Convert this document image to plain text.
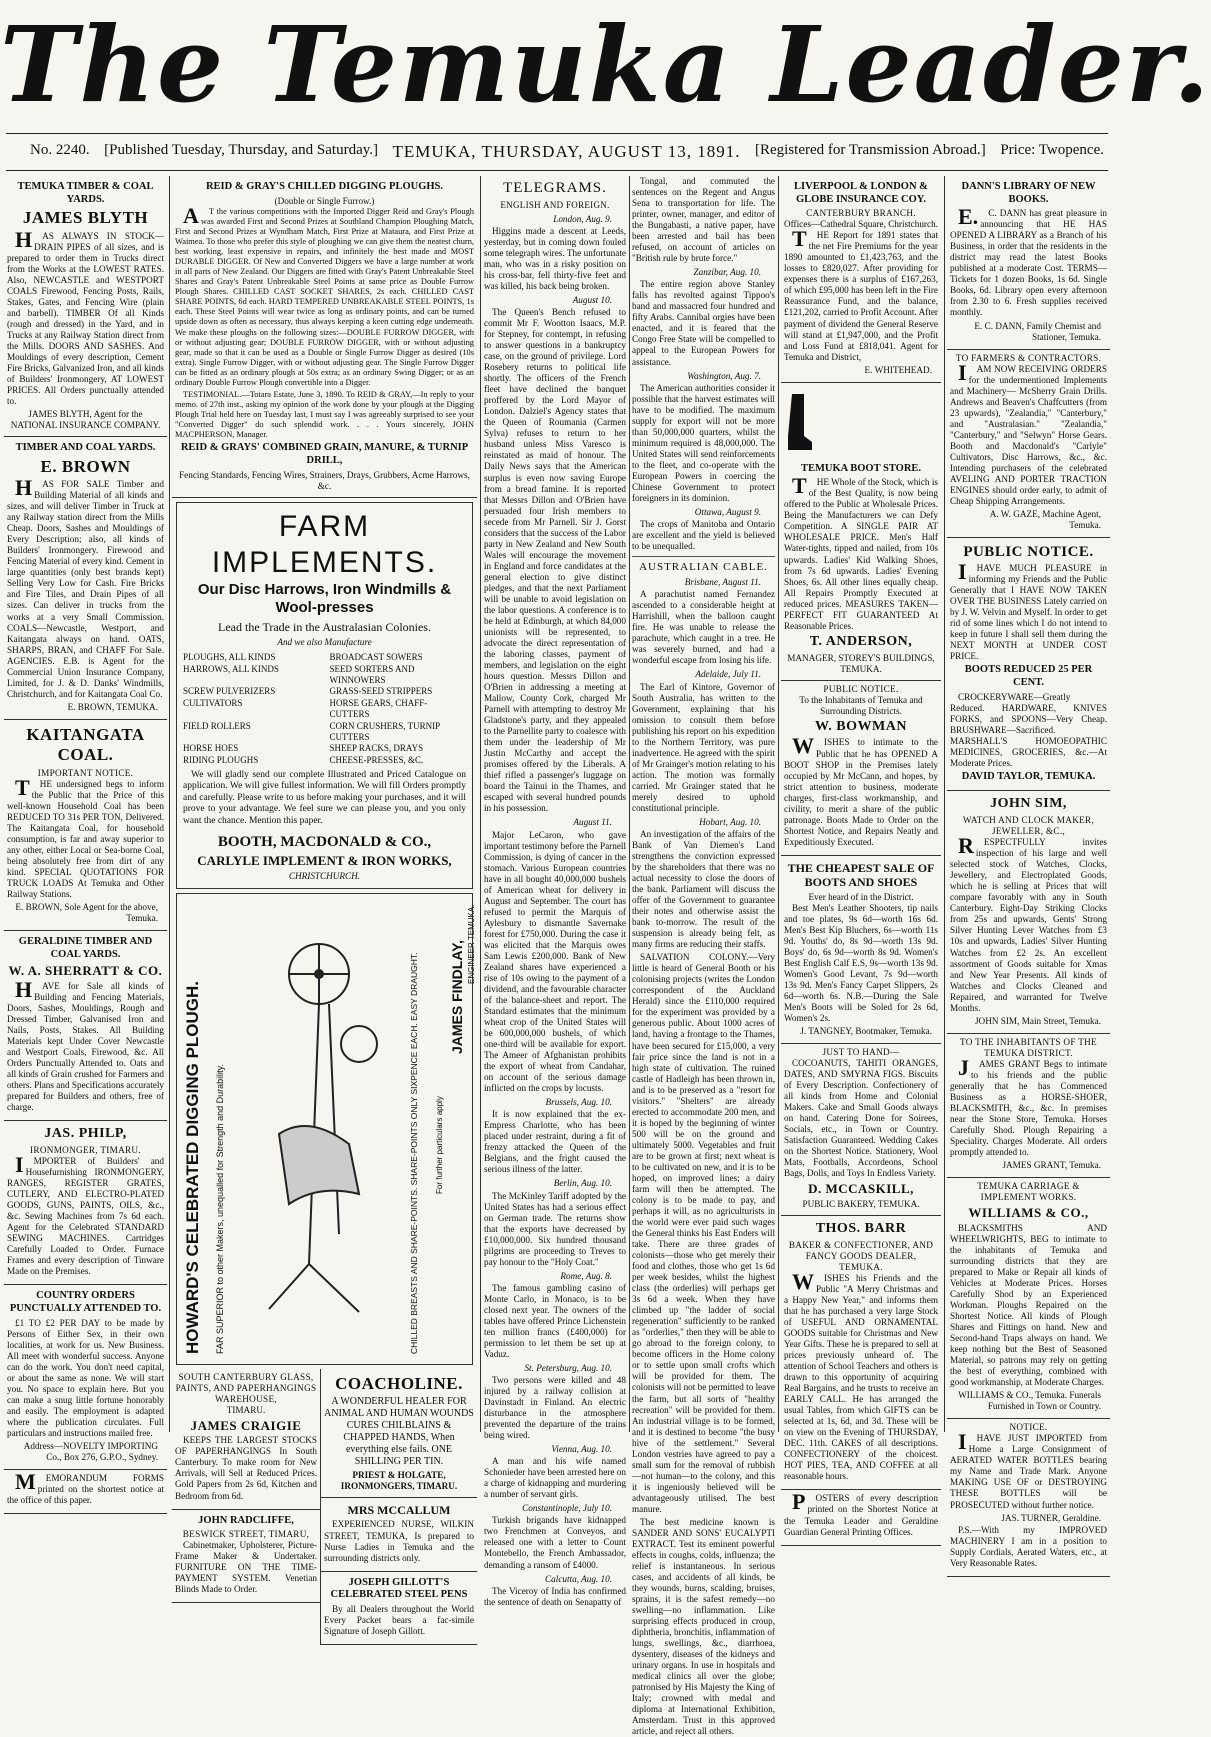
The Temuka Leader.
No. 2240. [Published Tuesday, Thursday, and Saturday.] TEMUKA, THURSDAY, AUGUST 13, 1891. [Registered for Transmission Abroad.] Price: Twopence.
TEMUKA TIMBER & COAL YARDS.
JAMES BLYTH

HAS ALWAYS IN STOCK— DRAIN PIPES of all sizes, and is prepared to order them in Trucks direct from the Works at the LOWEST RATES. Also, NEWCASTLE and WESTPORT COALS Firewood, Fencing Posts, Rails, Stakes, Gates, and Fencing Wire (plain and barbell). TIMBER Of all Kinds (rough and dressed) in the Yard, and in Trucks at any Railway Station direct from the Mills. DOORS AND SASHES. And Mouldings of every description, Cement Fire Bricks, Galvanized Iron, and all kinds of Builders' Ironmongery, AT LOWEST PRICES. All Orders punctually attended to.

JAMES BLYTH, Agent for the NATIONAL INSURANCE COMPANY.
TIMBER AND COAL YARDS.
E. BROWN

HAS FOR SALE Timber and Building Material of all kinds and sizes, and will deliver Timber in Truck at any Railway station direct from the Mills Cheap. Doors, Sashes and Mouldings of Every Description; also, all kinds of Builders' Ironmongery. Firewood and Fencing Material of every kind. Cement in large quantities (only best brands kept) Selling Very Low for Cash. Fire Bricks and Fire Tiles, and Drain Pipes of all sizes. Can deliver in trucks from the works at a very Small Commission. COALS—Newcastle, Westport, and Kaitangata always on hand. OATS, SHARPS, BRAN, and CHAFF For Sale. AGENCIES. E.B. is Agent for the Commercial Union Insurance Company, Limited, for J. & D. Danks' Windmills, Christchurch, and for Kaitangata Coal Co.

E. BROWN, TEMUKA.
KAITANGATA COAL.
IMPORTANT NOTICE.

THE undersigned begs to inform the Public that the Price of this well-known Household Coal has been REDUCED TO 31s PER TON, Delivered. The Kaitangata Coal, for household consumption, is far and away superior to any other, either Local or Sea-borne Coal, being absolutely free from dirt of any kind. SPECIAL QUOTATIONS FOR TRUCK LOADS At Temuka and Other Railway Stations.

E. BROWN, Sole Agent for the above, Temuka.
GERALDINE TIMBER AND COAL YARDS.
W. A. SHERRATT & CO.

HAVE for Sale all kinds of Building and Fencing Materials, Doors, Sashes, Mouldings, Rough and Dressed Timber, Galvanised Iron and Nails, Posts, Stakes. All Building Materials kept Under Cover Newcastle and Westport Coals, Firewood, &c. All Orders Punctually Attended to. Oats and all kinds of Grain crushed for Farmers and others. Plans and Specifications accurately prepared for Builders and others, free of charge.

JAS. PHILP,
IRONMONGER, TIMARU.

IMPORTER of Builders' and Housefurnishing IRONMONGERY, RANGES, REGISTER GRATES, CUTLERY, AND ELECTRO-PLATED GOODS, GUNS, PAINTS, OILS, &c., &c. Sewing Machines from 7s 6d each. Agent for the Celebrated STANDARD SEWING MACHINES. Cartridges Carefully Loaded to Order. Furnace Frames and every description of Tinware Made on the Premises.

COUNTRY ORDERS PUNCTUALLY ATTENDED TO.

£1 TO £2 PER DAY to be made by Persons of Either Sex, in their own localities, at work for us. New Business. All meet with wonderful success. Anyone can do the work. You don't need capital, or about the same as none. We will start you. No space to explain here. But you can make a snug little fortune honorably and easily. The employment is adapted where the publication circulates. Full particulars and instructions mailed free.

Address—NOVELTY IMPORTING Co., Box 276, G.P.O., Sydney.

MEMORANDUM FORMS printed on the shortest notice at the office of this paper.

REID & GRAY'S CHILLED DIGGING PLOUGHS.
(Double or Single Furrow.)

AT the various competitions with the Imported Digger Reid and Gray's Plough was awarded First and Second Prizes at Southland Champion Ploughing Match, First and Second Prizes at Wyndham Match, First Prize at Mataura, and First Prize at Waimea. To those who prefer this style of ploughing we can give them the neatest churn, best working, least expensive in repairs, and infinitely the best made and MOST DURABLE DIGGER. Of New and Converted Diggers we have a large number at work in all parts of New Zealand. Our Diggers are fitted with Gray's Patent Unbreakable Steel Shares and Gray's Patent Unbreakable Steel Points at same price as Double Furrow Plough Shares. CHILLED CAST SOCKET SHARES, 2s each. CHILLED CAST SHARE POINTS, 6d each. HARD TEMPERED UNBREAKABLE STEEL POINTS, 1s each. These Steel Points will wear twice as long as ordinary points, and can be turned upside down as often as necessary, thus always keeping a keen cutting edge underneath. We make these ploughs on the following sizes:—DOUBLE FURROW DIGGER, with or without adjusting gear; DOUBLE FURROW DIGGER, with or without adjusting gear, made so that it can be used as a Double or Single Furrow Digger as desired (10s extra). Single Furrow Digger, with or without adjusting gear. The Single Furrow Digger can be fitted as an ordinary plough at 50s extra; as an ordinary Swing Digger; or as an ordinary Double Furrow Plough convertible into a Digger.

TESTIMONIAL.—Totara Estate, June 3, 1890. To REID & GRAY,—In reply to your memo. of 27th inst., asking my opinion of the work done by your plough at the Digging Plough Trial held here on Tuesday last, I must say I was agreeably surprised to see your "Converted Digger" do such splendid work. . . . Yours sincerely, JOHN MACPHERSON, Manager.

REID & GRAYS' COMBINED GRAIN, MANURE, & TURNIP DRILL,
Fencing Standards, Fencing Wires, Strainers, Drays, Grubbers, Acme Harrows, &c.
FARM IMPLEMENTS.
Our Disc Harrows, Iron Windmills & Wool-presses
Lead the Trade in the Australasian Colonies.
And we also Manufacture
PLOUGHS, ALL KINDS	BROADCAST SOWERS
HARROWS, ALL KINDS	SEED SORTERS AND WINNOWERS
SCREW PULVERIZERS	GRASS-SEED STRIPPERS
CULTIVATORS	HORSE GEARS, CHAFF-CUTTERS
FIELD ROLLERS	CORN CRUSHERS, TURNIP CUTTERS
HORSE HOES	SHEEP RACKS, DRAYS
RIDING PLOUGHS	CHEESE-PRESSES, &C.

We will gladly send our complete Illustrated and Priced Catalogue on application. We will give fullest information. We will fill Orders promptly and carefully. Please write to us before making your purchases, and it will prove to your advantage. We feel sure we can please you, and you only want the chance. Mention this paper.

BOOTH, MACDONALD & CO.,
CARLYLE IMPLEMENT & IRON WORKS,
CHRISTCHURCH.
HOWARD'S CELEBRATED DIGGING PLOUGH. FAR SUPERIOR to other Makers, unequalled for Strength and Durability.	CHILLED BREASTS AND SHARE-POINTS. SHARE-POINTS ONLY SIXPENCE EACH. EASY DRAUGHT. For further particulars apply
JAMES FINDLAY, ENGINEER TEMUKA.
SOUTH CANTERBURY GLASS, PAINTS, AND PAPERHANGINGS WAREHOUSE,
TIMARU.
JAMES CRAIGIE

KEEPS THE LARGEST STOCKS OF PAPERHANGINGS In South Canterbury. To make room for New Arrivals, will Sell at Reduced Prices. Gold Papers from 2s 6d, Kitchen and Bedroom from 6d.

JOHN RADCLIFFE,
BESWICK STREET, TIMARU,

Cabinetmaker, Upholsterer, Picture-Frame Maker & Undertaker. FURNITURE ON THE TIME-PAYMENT SYSTEM. Venetian Blinds Made to Order.

COACHOLINE.

A WONDERFUL HEALER FOR ANIMAL AND HUMAN WOUNDS CURES CHILBLAINS & CHAPPED HANDS, When everything else fails. ONE SHILLING PER TIN.

PRIEST & HOLGATE, IRONMONGERS, TIMARU.
MRS MCCALLUM

EXPERIENCED NURSE, WILKIN STREET, TEMUKA, Is prepared to Nurse Ladies in Temuka and the surrounding districts only.

JOSEPH GILLOTT'S CELEBRATED STEEL PENS

By all Dealers throughout the World Every Packet bears a fac-simile Signature of Joseph Gillott.

TELEGRAMS.
ENGLISH AND FOREIGN.
London, Aug. 9.

Higgins made a descent at Leeds, yesterday, but in coming down fouled some telegraph wires. The unfortunate man, who was in a risky position on his cross-bar, fell thirty-five feet and was killed, his back being broken.

August 10.

The Queen's Bench refused to commit Mr F. Wootton Isaacs, M.P. for Stepney, for contempt, in refusing to answer questions in a bankruptcy case, on the ground of privilege. Lord Rosebery returns to political life shortly. The officers of the French fleet have declined the banquet proffered by the Lord Mayor of London. Dalziel's Agency states that the Queen of Roumania (Carmen Sylva) refuses to return to her husband unless Miss Varesco is reinstated as maid of honour. The Daily News says that the American surplus is even now saving Europe from a bread famine. It is reported that Messrs Dillon and O'Brien have persuaded four Irish members to secede from Mr Parnell. Sir J. Gorst considers that the success of the Labor party in New Zealand and New South Wales will encourage the movement in England and force candidates at the general election to give distinct pledges, and that the next Parliament will be unable to avoid legislation on the labor questions. A conference is to be held at Edinburgh, at which 84,000 unionists will be represented, to advocate the direct representation of the laboring classes, payment of members, and legislation on the eight hours question. Messrs Dillon and O'Brien in addressing a meeting at Mallow, County Cork, charged Mr Parnell with attempting to destroy Mr Gladstone's party, and they appealed to the Parnellite party to coalesce with them under the leadership of Mr Justin McCarthy and accept the promises offered by the Liberals. A thief rifled a passenger's luggage on board the Tainui in the Thames, and escaped with several hundred pounds in his possession.

August 11.

Major LeCaron, who gave important testimony before the Parnell Commission, is dying of cancer in the stomach. Various European countries have in all bought 40,000,000 bushels of American wheat for delivery in August and September. The court has refused to permit the Marquis of Aylesbury to dismantle Savernake forest for £750,000. During the case it was elicited that the Marquis owes Sam Lewis £200,000. Bank of New Zealand shares have experienced a rise of 10s owing to the payment of a dividend, and the favourable character of the balance-sheet and report. The Standard estimates that the minimum wheat crop of the United States will be 600,000,000 bushels, of which one-third will be available for export. The Ameer of Afghanistan prohibits the export of wheat from Candahar, on account of the serious damage inflicted on the crops by locusts.

Brussels, Aug. 10.

It is now explained that the ex-Empress Charlotte, who has been placed under restraint, during a fit of frenzy attacked the Queen of the Belgians, and the fright caused the serious illness of the latter.

Berlin, Aug. 10.

The McKinley Tariff adopted by the United States has had a serious effect on German trade. The returns show that the exports have decreased by £10,000,000. Six hundred thousand pilgrims are proceeding to Treves to pay honour to the "Holy Coat."

Rome, Aug. 8.

The famous gambling casino of Monte Carlo, in Monaco, is to be closed next year. The owners of the tables have offered Prince Lichenstein ten million francs (£400,000) for permission to let them be set up at Vaduz.

St. Petersburg, Aug. 10.

Two persons were killed and 48 injured by a railway collision at Davinstadt in Finland. An electric disturbance in the atmosphere prevented the departure of the trains being wired.

Vienna, Aug. 10.

A man and his wife named Schonieder have been arrested here on a charge of kidnapping and murdering a number of servant girls.

Constantinople, July 10.

Turkish brigands have kidnapped two Frenchmen at Conveyos, and released one with a letter to Count Montebello, the French Ambassador, demanding a ransom of £4000.

Calcutta, Aug. 10.

The Viceroy of India has confirmed the sentence of death on Senapatty of

Tongal, and commuted the sentences on the Regent and Angus Sena to transportation for life. The printer, owner, manager, and editor of the Bungabasti, a native paper, have been arrested and bail has been refused, on account of articles on "British rule by brute force."

Zanzibar, Aug. 10.

The entire region above Stanley falls has revolted against Tippoo's band and massacred four hundred and fifty Arabs. Cannibal orgies have been enacted, and it is feared that the Congo Free State will be compelled to appeal to the European Powers for assistance.

Washington, Aug. 7.

The American authorities consider it possible that the harvest estimates will have to be modified. The maximum supply for export will not be more than 50,000,000 quarters, whilst the minimum required is 48,000,000. The United States will send reinforcements to the fleet, and co-operate with the European Powers in coercing the Chinese Government to protect foreigners in its dominion.

Ottawa, August 9.

The crops of Manitoba and Ontario are excellent and the yield is believed to be unequalled.

AUSTRALIAN CABLE.
Brisbane, August 11.

A parachutist named Fernandez ascended to a considerable height at Harrishill, when the balloon caught fire. He was unable to release the parachute, which caught in a tree. He was severely burned, and had a wonderful escape from losing his life.

Adelaide, July 11.

The Earl of Kintore, Governor of South Australia, has written to the Government, explaining that his omission to consult them before publishing his report on his expedition to the Northern Territory, was pure inadvertence. He agreed with the spirit of Mr Grainger's motion relating to his action. The motion was formally carried. Mr Grainger stated that he merely desired to uphold constitutional principle.

Hobart, Aug. 10.

An investigation of the affairs of the Bank of Van Diemen's Land strengthens the conviction expressed by the shareholders that there was no actual necessity to close the doors of the bank. Parliament will discuss the offer of the Government to guarantee their notes and otherwise assist the bank to-morrow. The result of the suspension is already being felt, as many firms are reducing their staffs.

SALVATION COLONY.—Very little is heard of General Booth or his colonising projects (writes the London correspondent of the Auckland Herald) since the £110,000 required for the experiment was provided by a generous public. About 1000 acres of land, having a frontage to the Thames, have been secured for £15,000, a very fair price since the land is not in a high state of cultivation. The ruined castle of Hadleigh has been thrown in, and is to be preserved as a "resort for visitors." "Shelters" are already erected to accommodate 200 men, and it is hoped by the beginning of winter 500 will be on the ground and ultimately 5000. Vegetables and fruit are to be grown at first; next wheat is to be cultivated on new, and it is to be hoped, on improved lines; a dairy farm will then be attempted. The colony is to be made to pay, and perhaps it will, as no agriculturists in the world were ever paid such wages the General thinks his East Enders will take. There are three grades of colonists—those who get merely their food and clothes, those who get 1s 6d per week besides, whilst the highest class (the orderlies) will perhaps get 3s 6d a week. When they have climbed up "the ladder of social regeneration" sufficiently to be ranked as "orderlies," then they will be able to go abroad to the foreign colony, to become officers in the Home colony or to settle upon small crofts which will be provided for them. The colonists will not be permitted to leave the farm, but all sorts of "healthy recreation" will be provided for them. An industrial village is to be formed, and it is destined to become "the busy hive of the settlement." Several London vestries have agreed to pay a small sum for the removal of rubbish—not human—to the colony, and this it is ingeniously believed will be advantageously utilised. The best manure.

The best medicine known is SANDER AND SONS' EUCALYPTI EXTRACT. Test its eminent powerful effects in coughs, colds, influenza; the relief is instantaneous. In serious cases, and accidents of all kinds, be they wounds, burns, scalding, bruises, sprains, it is the safest remedy—no swelling—no inflammation. Like surprising effects produced in croup, diphtheria, bronchitis, inflammation of lungs, swellings, &c., diarrhoea, dysentery, diseases of the kidneys and urinary organs. In use in hospitals and medical clinics all over the globe; patronised by His Majesty the King of Italy; crowned with medal and diploma at International Exhibition, Amsterdam. Trust in this approved article, and reject all others.

LIVERPOOL & LONDON & GLOBE INSURANCE COY.
CANTERBURY BRANCH.
Offices—Cathedral Square, Christchurch.

THE Report for 1891 states that the net Fire Premiums for the year 1890 amounted to £1,423,763, and the losses to £820,027. After providing for expenses there is a surplus of £167,263, of which £95,000 has been left in the Fire Reassurance Fund, and the balance, £121,202, carried to Profit Account. After payment of dividend the General Reserve will stand at £1,947,000, and the Profit and Loss Fund at £818,041. Agent for Temuka and District,

E. WHITEHEAD.
TEMUKA BOOT STORE.

THE Whole of the Stock, which is of the Best Quality, is now being offered to the Public at Wholesale Prices. Being the Manufacturers we can Defy Competition. A SINGLE PAIR AT WHOLESALE PRICE. Men's Half Water-tights, tipped and nailed, from 10s upwards. Ladies' Kid Walking Shoes, from 7s 6d upwards. Ladies' Evening Shoes, 6s. All other lines equally cheap. All Repairs Promptly Executed at reduced prices. MEASURES TAKEN—PERFECT FIT GUARANTEED At Reasonable Prices.

T. ANDERSON,
MANAGER, STOREY'S BUILDINGS, TEMUKA.
PUBLIC NOTICE.
To the Inhabitants of Temuka and Surrounding Districts.
W. BOWMAN

WISHES to intimate to the Public that he has OPENED A BOOT SHOP in the Premises lately occupied by Mr McCann, and hopes, by strict attention to business, moderate charges, first-class workmanship, and civility, to merit a share of the public patronage. Boots Made to Order on the Shortest Notice, and Repairs Neatly and Expeditiously Executed.

THE CHEAPEST SALE OF BOOTS AND SHOES
Ever heard of in the District.

Best Men's Leather Shooters, tip nails and toe plates, 9s 6d—worth 16s 6d. Men's Best Kip Bluchers, 6s—worth 11s 9d. Youths' do, 8s 9d—worth 13s 9d. Boys' do, 6s 9d—worth 8s 9d. Women's Best English Calf E.S, 9s—worth 13s 9d. Women's Good Levant, 7s 9d—worth 13s 9d. Men's Fancy Carpet Slippers, 2s 6d—worth 6s. N.B.—During the Sale Men's Boots will be Soled for 2s 6d, Women's 2s.

J. TANGNEY, Bootmaker, Temuka.
JUST TO HAND—

COCOANUTS, TAHITI ORANGES, DATES, AND SMYRNA FIGS. Biscuits of Every Description. Confectionery of all kinds from Home and Colonial Makers. Cake and Small Goods always on hand. Catering Done for Soirees, Socials, etc., in Town or Country. Satisfaction Guaranteed. Wedding Cakes on the Shortest Notice. Stationery, Wool Mats, Footballs, Accordeons, School Bags, Dolls, and Toys In Endless Variety.

D. MCCASKILL,
PUBLIC BAKERY, TEMUKA.
THOS. BARR
BAKER & CONFECTIONER, AND FANCY GOODS DEALER, TEMUKA.

WISHES his Friends and the Public "A Merry Christmas and a Happy New Year," and informs them that he has purchased a very large Stock of USEFUL AND ORNAMENTAL GOODS suitable for Christmas and New Year Gifts. These he is prepared to sell at prices previously unheard of. The attention of School Teachers and others is drawn to this opportunity of acquiring Real Bargains, and he trusts to receive an EARLY CALL. He has arranged the usual Tables, from which GIFTS can be selected at 1s, 6d, and 3d. These will be on view on the Evening of THURSDAY, DEC. 11th. CAKES of all descriptions. CONFECTIONERY of the choicest. HOT PIES, TEA, AND COFFEE at all reasonable hours.

POSTERS of every description printed on the Shortest Notice at the Temuka Leader and Geraldine Guardian General Printing Offices.

DANN'S LIBRARY OF NEW BOOKS.

E.C. DANN has great pleasure in announcing that HE HAS OPENED A LIBRARY as a Branch of his Business, in order that the residents in the district may read the latest Books published at a moderate Cost. TERMS—Tickets for 1 dozen Books, 1s 6d. Single Books, 6d. Library open every afternoon from 2.30 to 6. Fresh supplies received monthly.

E. C. DANN, Family Chemist and Stationer, Temuka.
TO FARMERS & CONTRACTORS.

IAM NOW RECEIVING ORDERS for the undermentioned Implements and Machinery— McSherry Grain Drills. Andrews and Beaven's Chaffcutters (from 23 upwards), "Zealandia," "Canterbury," and "Australasian." "Zealandia," "Canterbury," and "Selwyn" Horse Gears. Booth and Macdonald's "Carlyle" Cultivators, Disc Harrows, &c., &c. Intending purchasers of the celebrated AVELING AND PORTER TRACTION ENGINES should order early, to admit of Cheap Shipping Arrangements.

A. W. GAZE, Machine Agent, Temuka.
PUBLIC NOTICE.

IHAVE MUCH PLEASURE in informing my Friends and the Public Generally that I HAVE NOW TAKEN OVER THE BUSINESS Lately carried on by J. W. Velvin and Myself. In order to get rid of some lines which I do not intend to keep in future I shall sell them during the NEXT MONTH at UNDER COST PRICE.

BOOTS REDUCED 25 PER CENT.

CROCKERYWARE—Greatly Reduced. HARDWARE, KNIVES FORKS, and SPOONS—Very Cheap. BRUSHWARE—Sacrificed. MARSHALL'S HOMOEOPATHIC MEDICINES, GROCERIES, &c.—At Moderate Prices.

DAVID TAYLOR, TEMUKA.
JOHN SIM,
WATCH AND CLOCK MAKER, JEWELLER, &C.,

RESPECTFULLY invites inspection of his large and well selected stock of Watches, Clocks, Jewellery, and Electroplated Goods, which he is selling at Prices that will compare favorably with any in South Canterbury. Eight-Day Striking Clocks from 25s and upwards, Gents' Strong Silver Hunting Lever Watches from £3 10s and upwards, Ladies' Silver Hunting Watches from £2 2s. An excellent assortment of Goods suitable for Xmas and New Year Presents. All kinds of Watches and Clocks Cleaned and Repaired, and warranted for Twelve Months.

JOHN SIM, Main Street, Temuka.
TO THE INHABITANTS OF THE TEMUKA DISTRICT.

JAMES GRANT Begs to intimate to his friends and the public generally that he has Commenced Business as a HORSE-SHOER, BLACKSMITH, &c., &c. In premises near the Stone Store, Temuka. Horses Carefully Shod. Plough Repairing a Speciality. Charges Moderate. All orders promptly attended to.

JAMES GRANT, Temuka.
TEMUKA CARRIAGE & IMPLEMENT WORKS.
WILLIAMS & CO.,

BLACKSMITHS AND WHEELWRIGHTS, BEG to intimate to the inhabitants of Temuka and surrounding districts that they are prepared to Make or Repair all kinds of Vehicles at Moderate Prices. Horses Carefully Shod by an Experienced Workman. Ploughs Repaired on the Shortest Notice. All kinds of Plough Shares and Fittings on hand. New and Second-hand Traps always on hand. We keep nothing but the Best of Seasoned Material, so patrons may rely on getting the best of everything, combined with good workmanship, at Moderate Charges.

WILLIAMS & CO., Temuka. Funerals Furnished in Town or Country.
NOTICE.

IHAVE JUST IMPORTED from Home a Large Consignment of AERATED WATER BOTTLES bearing my Name and Trade Mark. Anyone MAKING USE OF or DESTROYING THESE BOTTLES will be PROSECUTED without further notice.

JAS. TURNER, Geraldine.

P.S.—With my IMPROVED MACHINERY I am in a position to Supply Cordials, Aerated Waters, etc., at Very Reasonable Rates.
